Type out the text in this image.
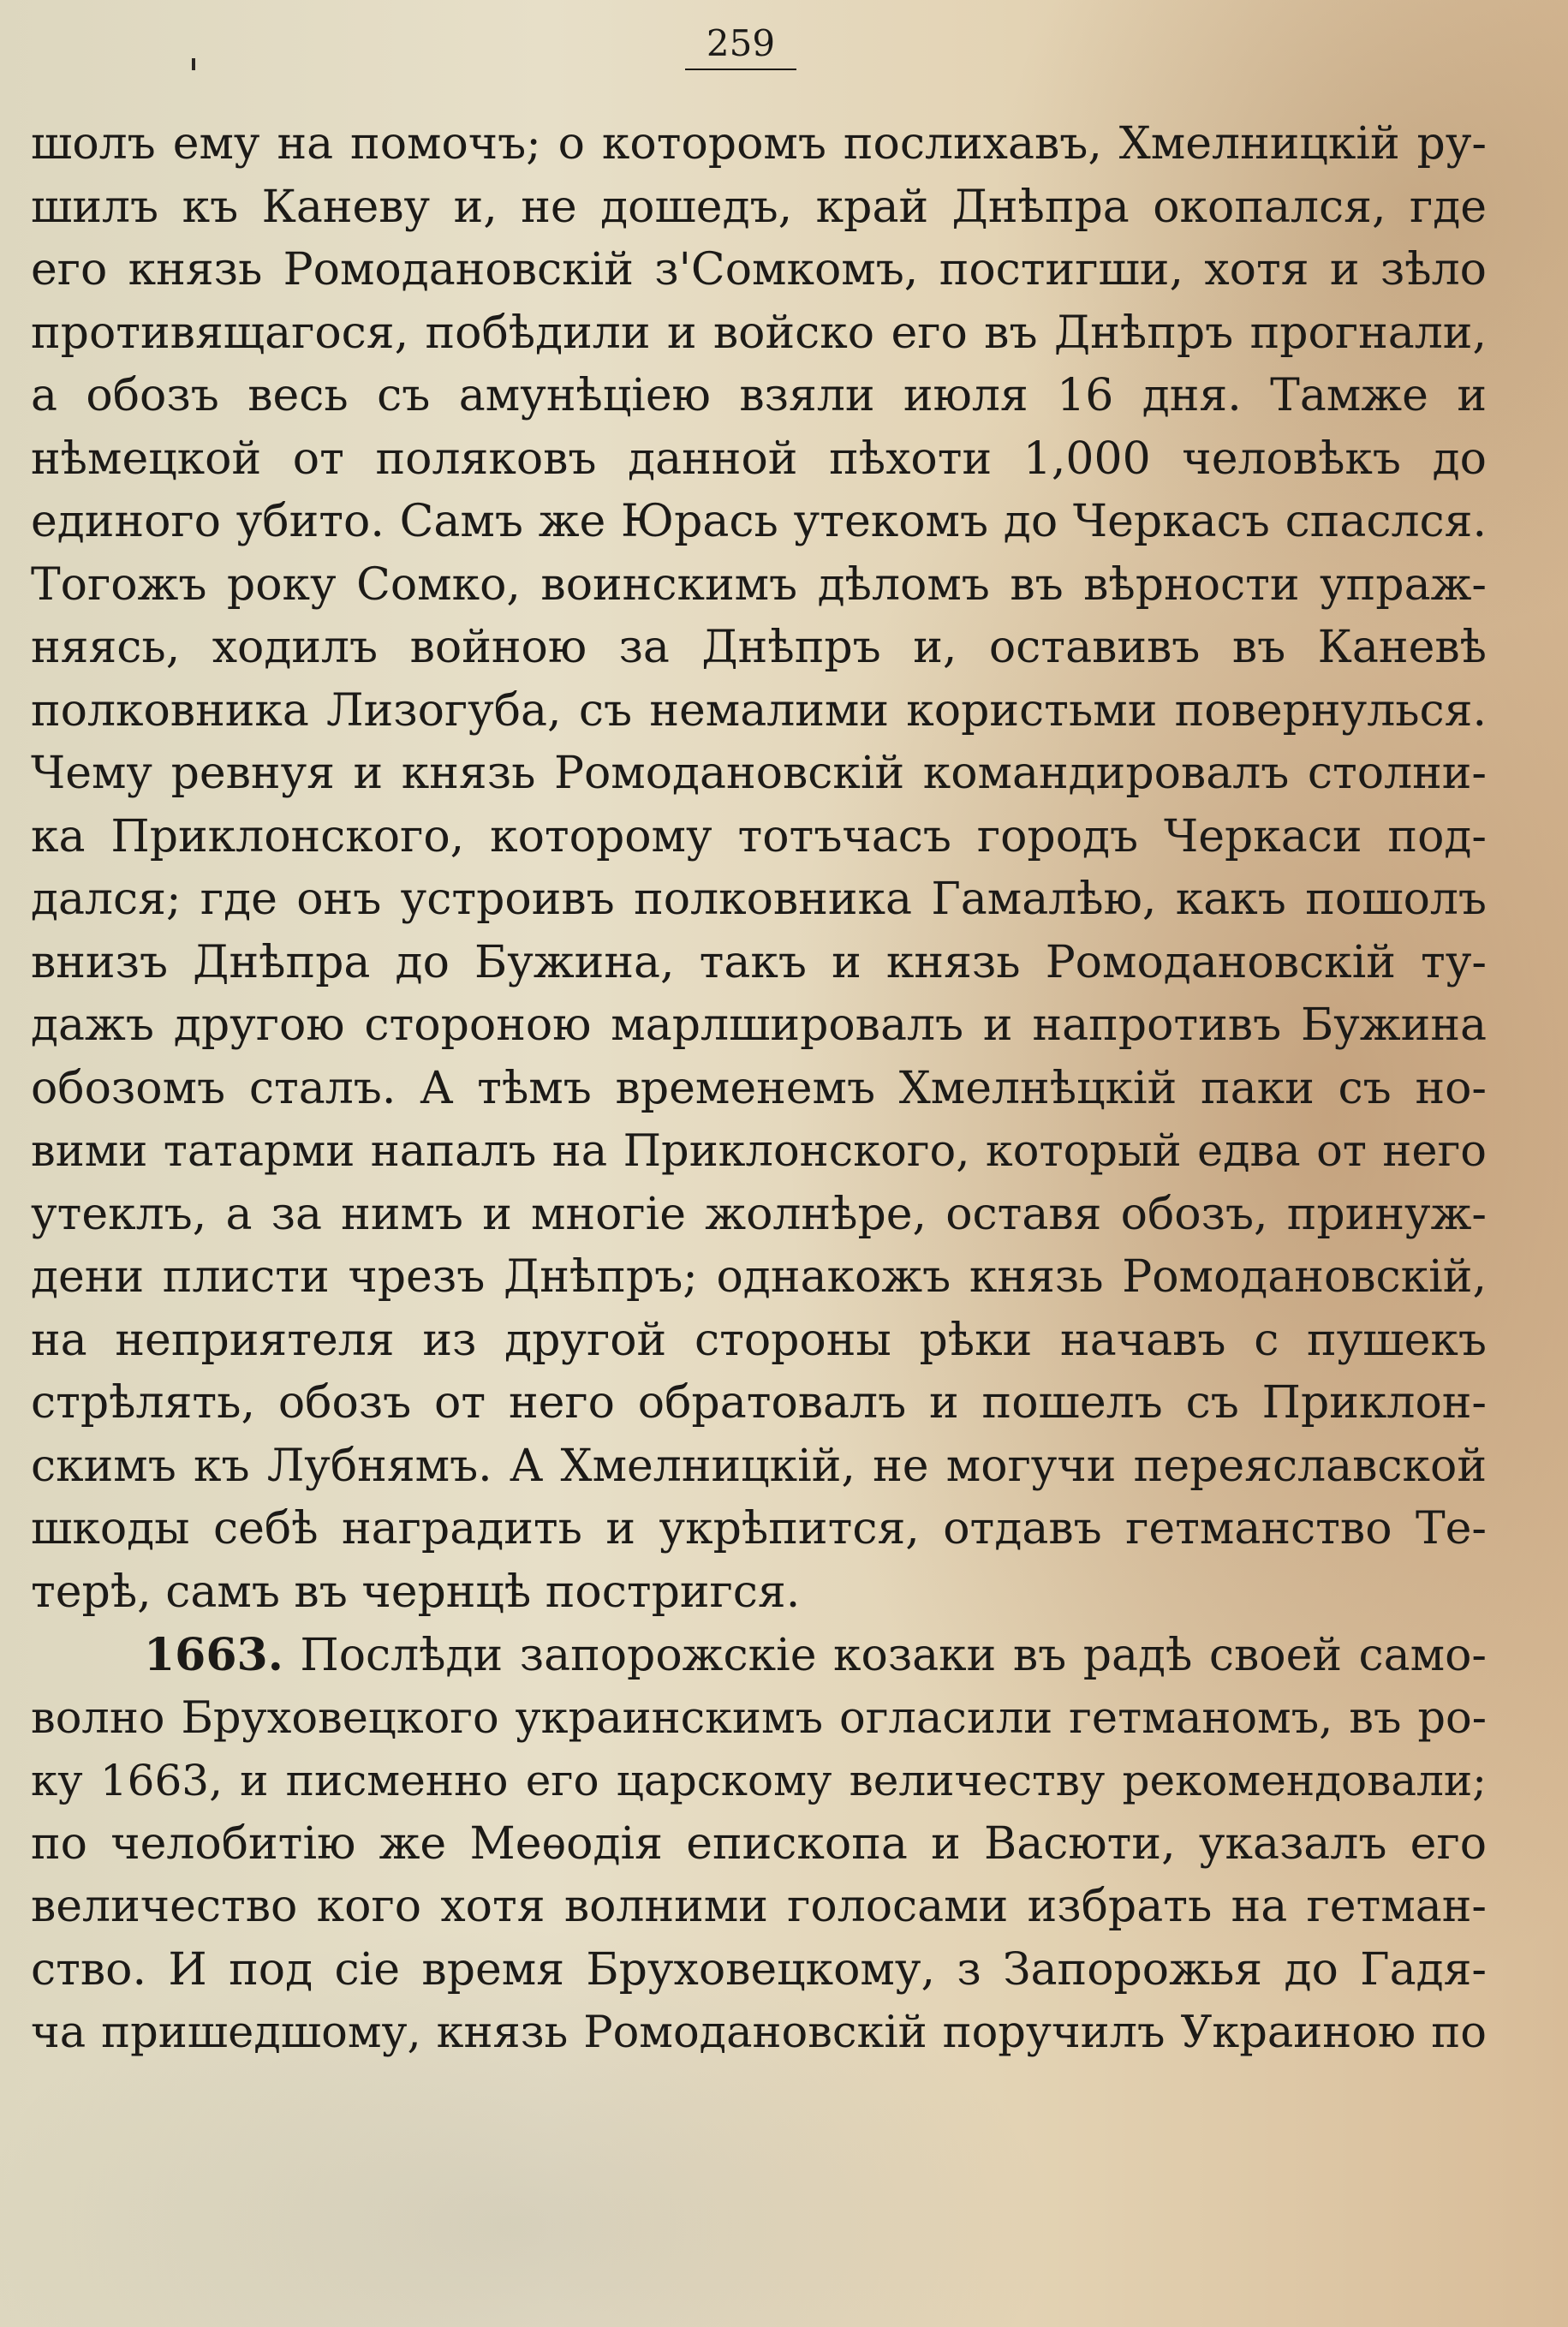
259
шолъ ему на помочъ; о которомъ послихавъ, Хмелницкій ру-
шилъ къ Каневу и, не дошедъ, край Днѣпра окопался, где
его князь Ромодановскій з'Сомкомъ, постигши, хотя и зѣло
противящагося, побѣдили и войско его въ Днѣпръ прогнали,
а обозъ весь съ амунѣціею взяли июля 16 дня. Тамже и
нѣмецкой от поляковъ данной пѣхоти 1,000 человѣкъ до
единого убито. Самъ же Юрась утекомъ до Черкасъ спаслся.
Тогожъ року Сомко, воинскимъ дѣломъ въ вѣрности упраж-
няясь, ходилъ войною за Днѣпръ и, оставивъ въ Каневѣ
полковника Лизогуба, съ немалими користьми повернулься.
Чему ревнуя и князь Ромодановскій командировалъ столни-
ка Приклонского, которому тотъчасъ городъ Черкаси под-
дался; где онъ устроивъ полковника Гамалѣю, какъ пошолъ
внизъ Днѣпра до Бужина, такъ и князь Ромодановскій ту-
дажъ другою стороною марлшировалъ и напротивъ Бужина
обозомъ сталъ. А тѣмъ временемъ Хмелнѣцкій паки съ но-
вими татарми напалъ на Приклонского, который едва от него
утеклъ, а за нимъ и многіе жолнѣре, оставя обозъ, принуж-
дени плисти чрезъ Днѣпръ; однакожъ князь Ромодановскій,
на неприятеля из другой стороны рѣки начавъ с пушекъ
стрѣлять, обозъ от него обратовалъ и пошелъ съ Приклон-
скимъ къ Лубнямъ. А Хмелницкій, не могучи переяславской
шкоды себѣ наградить и укрѣпится, отдавъ гетманство Те-
терѣ, самъ въ чернцѣ постригся.
1663. Послѣди запорожскіе козаки въ радѣ своей само-
волно Бруховецкого украинскимъ огласили гетманомъ, въ ро-
ку 1663, и писменно его царскому величеству рекомендовали;
по челобитію же Меѳодія епископа и Васюти, указалъ его
величество кого хотя волними голосами избрать на гетман-
ство. И под сіе время Бруховецкому, з Запорожья до Гадя-
ча пришедшому, князь Ромодановскій поручилъ Украиною по
